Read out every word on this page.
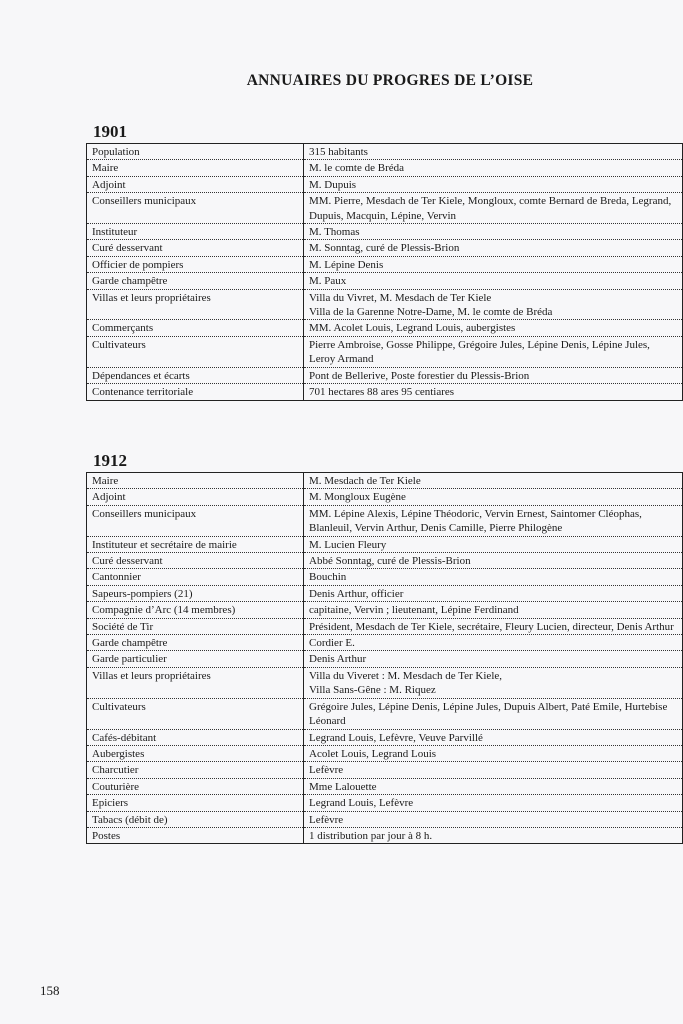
ANNUAIRES DU PROGRES DE L’OISE
1901
Population	315 habitants
Maire	M. le comte de Bréda
Adjoint	M. Dupuis
Conseillers municipaux	MM. Pierre, Mesdach de Ter Kiele, Mongloux, comte Bernard de Breda, Legrand, Dupuis, Macquin, Lépine, Vervin
Instituteur	M. Thomas
Curé desservant	M. Sonntag, curé de Plessis-Brion
Officier de pompiers	M. Lépine Denis
Garde champêtre	M. Paux
Villas et leurs propriétaires	Villa du Vivret, M. Mesdach de Ter Kiele
Villa de la Garenne Notre-Dame, M. le comte de Bréda
Commerçants	MM. Acolet Louis, Legrand Louis, aubergistes
Cultivateurs	Pierre Ambroise, Gosse Philippe, Grégoire Jules, Lépine Denis, Lépine Jules, Leroy Armand
Dépendances et écarts	Pont de Bellerive, Poste forestier du Plessis-Brion
Contenance territoriale	701 hectares 88 ares 95 centiares
1912
Maire	M. Mesdach de Ter Kiele
Adjoint	M. Mongloux Eugène
Conseillers municipaux	MM. Lépine Alexis, Lépine Théodoric, Vervin Ernest, Saintomer Cléophas, Blanleuil, Vervin Arthur, Denis Camille, Pierre Philogène
Instituteur et secrétaire de mairie	M. Lucien Fleury
Curé desservant	Abbé Sonntag, curé de Plessis-Brion
Cantonnier	Bouchin
Sapeurs-pompiers (21)	Denis Arthur, officier
Compagnie d’Arc (14 membres)	capitaine, Vervin ; lieutenant, Lépine Ferdinand
Société de Tir	Président, Mesdach de Ter Kiele, secrétaire, Fleury Lucien, directeur, Denis Arthur
Garde champêtre	Cordier E.
Garde particulier	Denis Arthur
Villas et leurs propriétaires	Villa du Viveret : M. Mesdach de Ter Kiele,
Villa Sans-Gêne : M. Riquez
Cultivateurs	Grégoire Jules, Lépine Denis, Lépine Jules, Dupuis Albert, Paté Emile, Hurtebise Léonard
Cafés-débitant	Legrand Louis, Lefèvre, Veuve Parvillé
Aubergistes	Acolet Louis, Legrand Louis
Charcutier	Lefèvre
Couturière	Mme Lalouette
Epiciers	Legrand Louis, Lefèvre
Tabacs (débit de)	Lefèvre
Postes	1 distribution par jour à 8 h.
158
